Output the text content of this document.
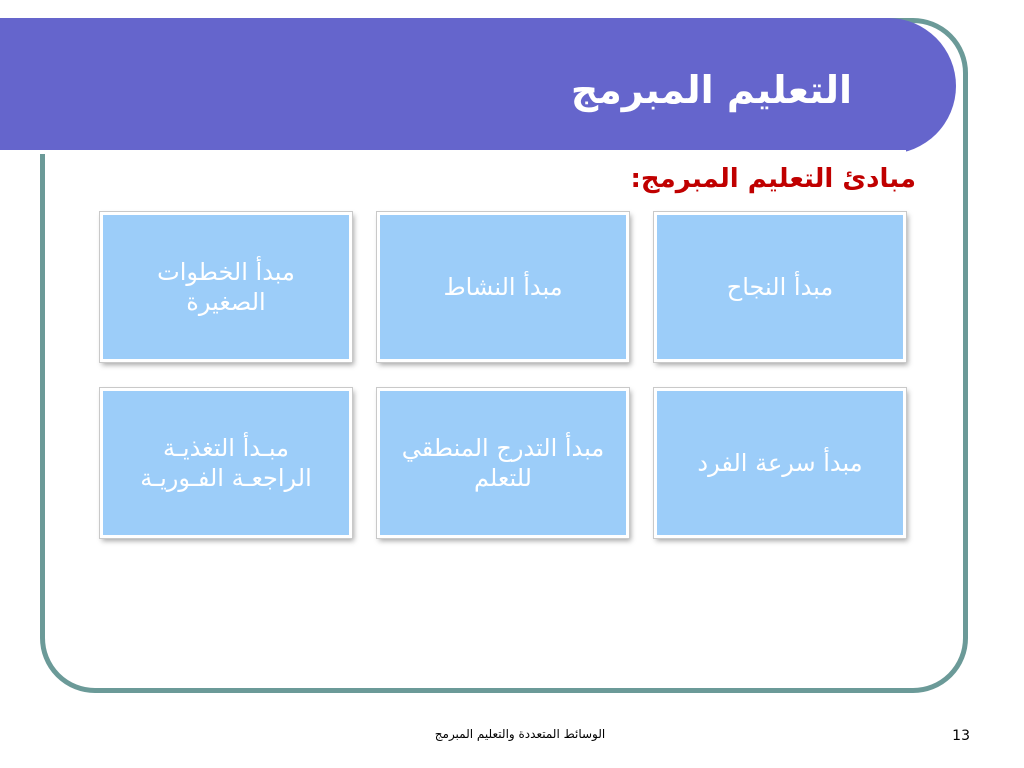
التعليم المبرمج
مبادئ التعليم المبرمج:
مبدأ النجاح
مبدأ النشاط
مبدأ الخطوات
الصغيرة
مبدأ سرعة الفرد
مبدأ التدرج المنطقي
للتعلم
مبـدأ التغذيـة
الراجعـة الفـوريـة
الوسائط المتعددة والتعليم المبرمج	13
